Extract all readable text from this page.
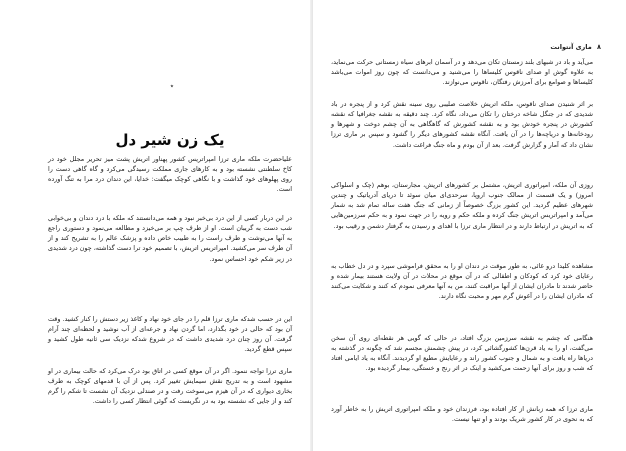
٭
یک زن شیر دل

علیاحضرت ملکه ماری ترزا امپراتریس کشور پهناور اتریش پشت میز تحریر مجلل خود در کاخ سلطنتی نشسته بود و به کارهای جاری مملکت رسیدگی می‌کرد و گاه گاهی دست را روی پهلوهای خود گذاشت و با نگاهی کوچک میگفت: خدایا، این دندان درد مرا به تنگ آورده است.

در این دربار کسی از این درد بی‌خبر نبود و همه می‌دانستند که ملکه با درد دندان و بی‌خوابی شب دست به گریبان است. او از طرف چپ بر می‌خیزد و مطالعه می‌نمود و دستوری راجع به آنها می‌نوشت و طرف راست را به طبیب خاص داده و پزشک عالم را به تشریح کند و از آن طرف سر می‌کشید. امپراتریس اتریش، با تصمیم خود ترا دست گذاشته، چون درد شدیدی در زیر شکم خود احساس نمود.

این در حسب شدکه ماری ترزا قلم را در جای خود نهاد و کاغذ زیر دستش را کنار کشید. وقت آن بود که حالی در خود بگذارد، اما گردن نهاد و جرعه‌ای از آب نوشید و لحظه‌ای چند آرام گرفت. آن روز چنان درد شدیدی داشت که در شروع شدکه نزدیک سی ثانیه طول کشید و سپس قطع گردید.

ماری ترزا تواجه ننمود. اگر در آن موقع کسی در اتاق بود درک می‌کرد که حالت بیماری در او مشهود است و به تدریج نقش سیمایش تغییر کرد. پس از آن با قدمهای کوچک به طرف بخاری دیواری که در آن هیزم می‌سوخت رفت و در صندلی نزدیک آن نشست تا شکم را گرم کند و از جایی که نشسته بود به در نگریست که گوئی انتظار کسی را داشت.

۸ ماری آنتوانت

می‌آید و باد در شبهای بلند زمستان تکان می‌دهد و در آسمان ابرهای سیاه زمستانی حرکت می‌نماید، به علاوه گوش او صدای ناقوس کلیساها را می‌شنید و می‌دانست که چون روز اموات می‌باشد کلیساها و صوامع برای آمرزش رفتگان، ناقوس می‌نوازند.

بر اثر شنیدن صدای ناقوس، ملکه اتریش خلاصت صلیبی روی سینه نقش کرد و از پنجره در باد شدیدی که در جنگل شاخه درختان را تکان می‌داد، نگاه کرد. چند دقیقه به نقشه جغرافیا که نقشه کشورش در پنجره خودش بود و به نقشه کشورش که گاهگاهی به آن چشم دوخت و شهرها و رودخانه‌ها و دریاچه‌ها را در آن یافت. آنگاه نقشه کشورهای دیگر را گشود و سپس بر ماری ترزا نشان داد که آمار و گزارش گرفت. بعد از آن بودم و ماه جنگ فراغت داشت.

روزی آن ملکه، امپراتوری اتریش، مشتمل بر کشورهای اتریش، مجارستان، بوهم (چک و اسلواکی امروز) و یک قسمت از ممالک جنوب اروپا، سرحدی‌ای میان سوئد تا دریای آدریاتیک و چندین شهرهای عظیم گردید. این کشور بزرگ خصوصاً از زمانی که جنگ هفت ساله تمام شد به شمار می‌آمد و امپراتریس اتریش جنگ کرده و ملکه حکم و رویه را در جهت نمود و به حکم سرزمین‌هایی که به اتریش در ارتباط دارند و در انتظار ماری ترزا با اهدای و رسیدن به گرفتار دشمن و رقیب بود.

مشاهده کلیدا درو غائی، به طور موقت در دندان او را به محقق فراموشی سپرد و در دل خطاب به رعایای خود کرد که کودکان و اطفالی که در آن موقع در محلات در آن ولایت هستند بیمار شده و حاضر شدند تا مادران ایشان از آنها مراقبت کنند، من به آنها معرفی نمودم که کنند و شکایت می‌کنند که مادران ایشان را در آغوش گرم مهر و محبت نگاه دارند.

هنگامی که چشم به نقشه سرزمین بزرگ افتاد، در حالی که گویی هر نقطه‌ای روی آن سخن می‌گفت، او را به یاد قرن‌ها کشورگشائی کرد، در پیش چشمش مجسم شد که چگونه در گذشته به دریاها راه یافت و به شمال و جنوب کشور راند و رعایایش مطیع او گردیدند. آنگاه به یاد ایامی افتاد که شب و روز برای آنها زحمت می‌کشید و اینک در اثر رنج و خستگی، بیمار گردیده بود.

ماری ترزا که همه زبانش از کار افتاده بود، فرزندان خود و ملکه امپراتوری اتریش را به خاطر آورد که به نحوی در کار کشور شریک بودند و او تنها نیست.
